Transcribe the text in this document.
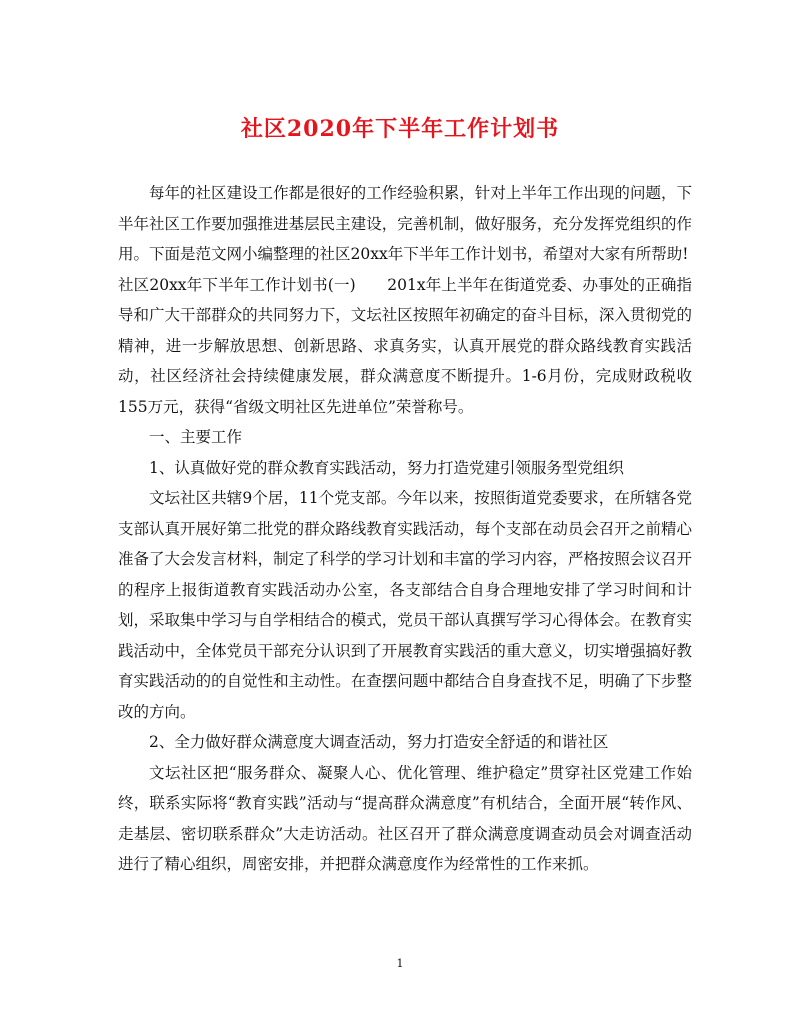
社区2020年下半年工作计划书

每年的社区建设工作都是很好的工作经验积累，针对上半年工作出现的问题，下半年社区工作要加强推进基层民主建设，完善机制，做好服务，充分发挥党组织的作用。下面是范文网小编整理的社区20xx年下半年工作计划书，希望对大家有所帮助!

社区20xx年下半年工作计划书(一)　　201x年上半年在街道党委、办事处的正确指导和广大干部群众的共同努力下，文坛社区按照年初确定的奋斗目标，深入贯彻党的精神，进一步解放思想、创新思路、求真务实，认真开展党的群众路线教育实践活动，社区经济社会持续健康发展，群众满意度不断提升。1-6月份，完成财政税收155万元，获得“省级文明社区先进单位”荣誉称号。

一、主要工作

1、认真做好党的群众教育实践活动，努力打造党建引领服务型党组织

文坛社区共辖9个居，11个党支部。今年以来，按照街道党委要求，在所辖各党支部认真开展好第二批党的群众路线教育实践活动，每个支部在动员会召开之前精心准备了大会发言材料，制定了科学的学习计划和丰富的学习内容，严格按照会议召开的程序上报街道教育实践活动办公室，各支部结合自身合理地安排了学习时间和计划，采取集中学习与自学相结合的模式，党员干部认真撰写学习心得体会。在教育实践活动中，全体党员干部充分认识到了开展教育实践活的重大意义，切实增强搞好教育实践活动的的自觉性和主动性。在查摆问题中都结合自身查找不足，明确了下步整改的方向。

2、全力做好群众满意度大调查活动，努力打造安全舒适的和谐社区

文坛社区把“服务群众、凝聚人心、优化管理、维护稳定”贯穿社区党建工作始终，联系实际将“教育实践”活动与“提高群众满意度”有机结合，全面开展“转作风、走基层、密切联系群众”大走访活动。社区召开了群众满意度调查动员会对调查活动进行了精心组织，周密安排，并把群众满意度作为经常性的工作来抓。

1
